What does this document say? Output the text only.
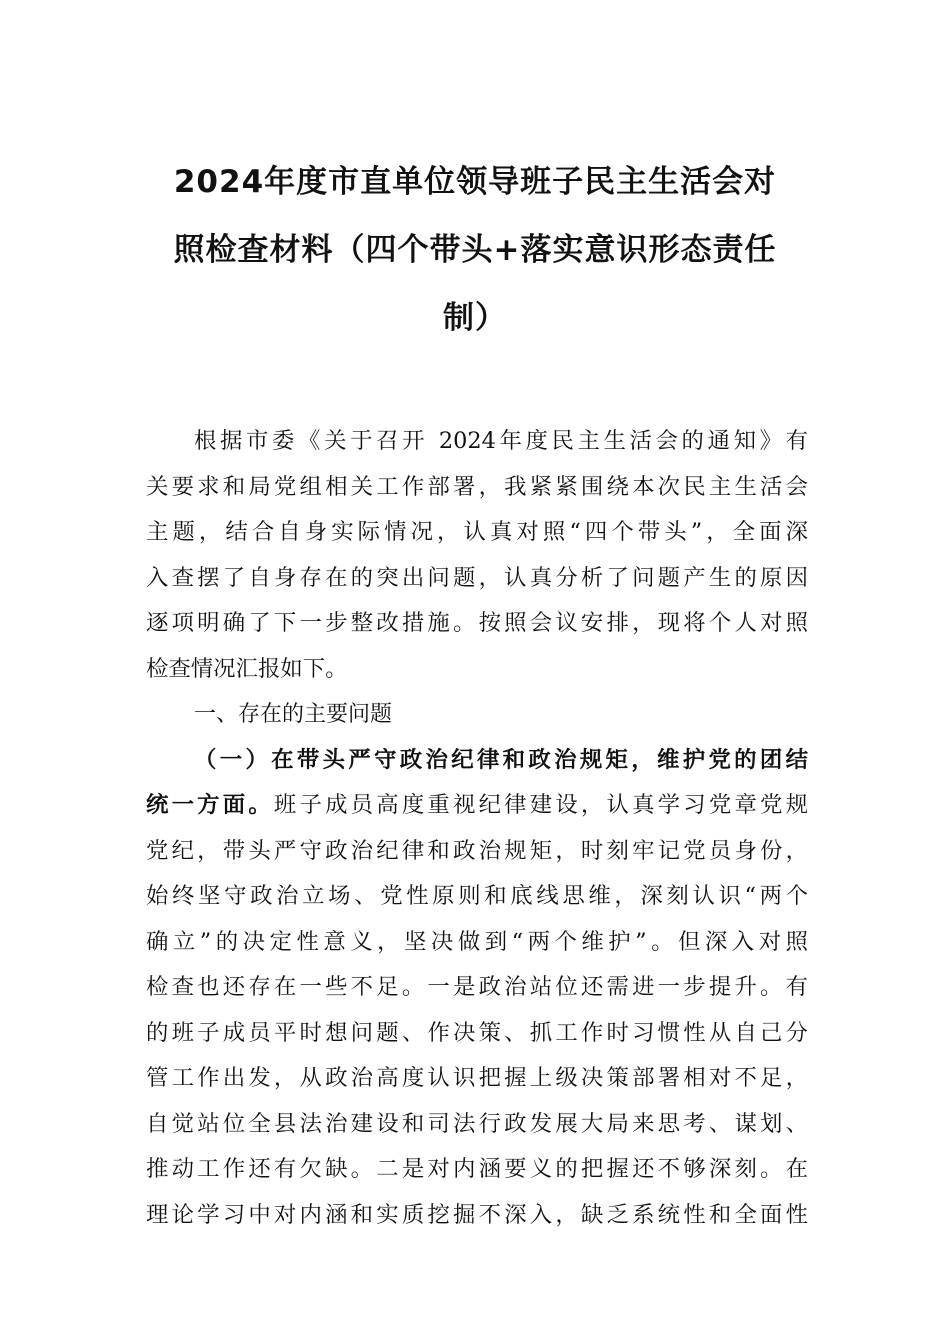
2024年度市直单位领导班子民主生活会对
照检查材料（四个带头+落实意识形态责任
制）
根据市委《关于召开 2024年度民主生活会的通知》有
关要求和局党组相关工作部署，我紧紧围绕本次民主生活会
主题，结合自身实际情况，认真对照“四个带头”，全面深
入查摆了自身存在的突出问题，认真分析了问题产生的原因
逐项明确了下一步整改措施。按照会议安排，现将个人对照
检查情况汇报如下。
一、存在的主要问题
（一）在带头严守政治纪律和政治规矩，维护党的团结
统一方面。班子成员高度重视纪律建设，认真学习党章党规
党纪，带头严守政治纪律和政治规矩，时刻牢记党员身份，
始终坚守政治立场、党性原则和底线思维，深刻认识“两个
确立”的决定性意义，坚决做到“两个维护”。但深入对照
检查也还存在一些不足。一是政治站位还需进一步提升。有
的班子成员平时想问题、作决策、抓工作时习惯性从自己分
管工作出发，从政治高度认识把握上级决策部署相对不足，
自觉站位全县法治建设和司法行政发展大局来思考、谋划、
推动工作还有欠缺。二是对内涵要义的把握还不够深刻。在
理论学习中对内涵和实质挖掘不深入，缺乏系统性和全面性
